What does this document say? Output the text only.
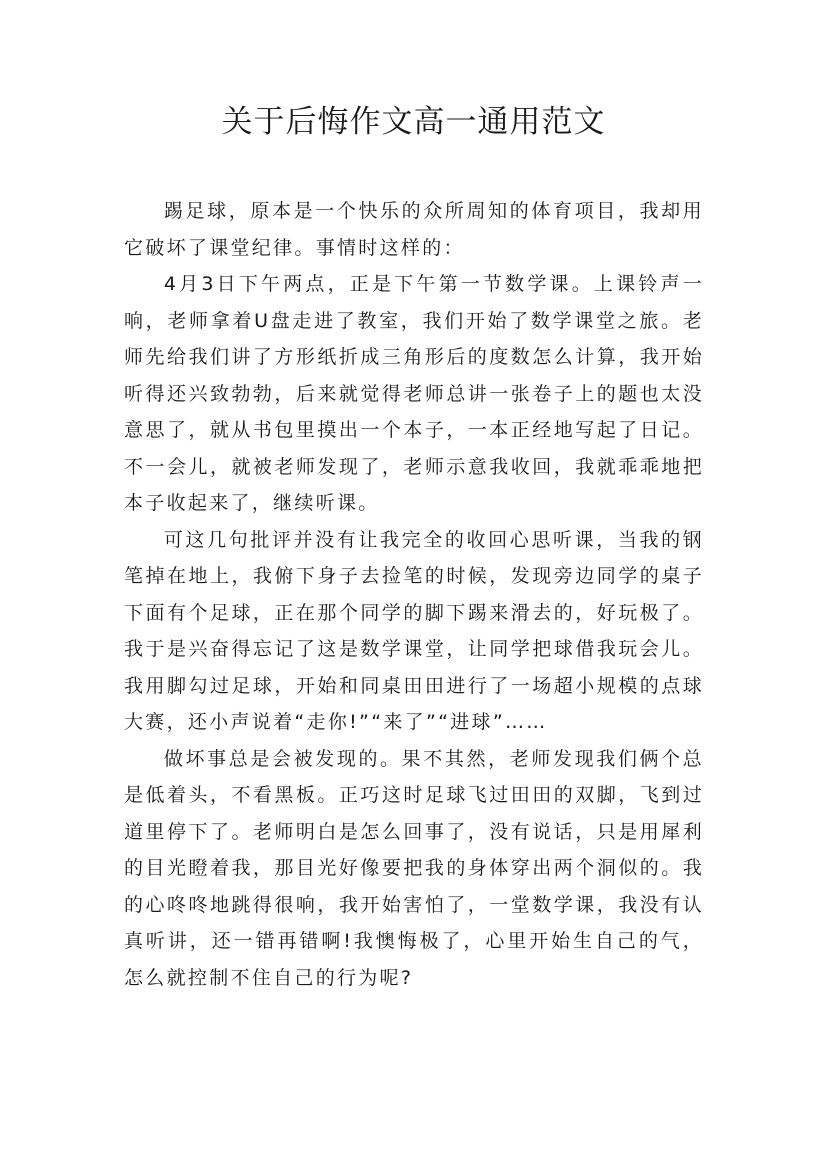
关于后悔作文高一通用范文

踢足球，原本是一个快乐的众所周知的体育项目，我却用它破坏了课堂纪律。事情时这样的：

4月3日下午两点，正是下午第一节数学课。上课铃声一响，老师拿着U盘走进了教室，我们开始了数学课堂之旅。老师先给我们讲了方形纸折成三角形后的度数怎么计算，我开始听得还兴致勃勃，后来就觉得老师总讲一张卷子上的题也太没意思了，就从书包里摸出一个本子，一本正经地写起了日记。不一会儿，就被老师发现了，老师示意我收回，我就乖乖地把本子收起来了，继续听课。

可这几句批评并没有让我完全的收回心思听课，当我的钢笔掉在地上，我俯下身子去捡笔的时候，发现旁边同学的桌子下面有个足球，正在那个同学的脚下踢来滑去的，好玩极了。我于是兴奋得忘记了这是数学课堂，让同学把球借我玩会儿。我用脚勾过足球，开始和同桌田田进行了一场超小规模的点球大赛，还小声说着“走你!”“来了”“进球”……

做坏事总是会被发现的。果不其然，老师发现我们俩个总是低着头，不看黑板。正巧这时足球飞过田田的双脚，飞到过道里停下了。老师明白是怎么回事了，没有说话，只是用犀利的目光瞪着我，那目光好像要把我的身体穿出两个洞似的。我的心咚咚地跳得很响，我开始害怕了，一堂数学课，我没有认真听讲，还一错再错啊!我懊悔极了，心里开始生自己的气，怎么就控制不住自己的行为呢?
